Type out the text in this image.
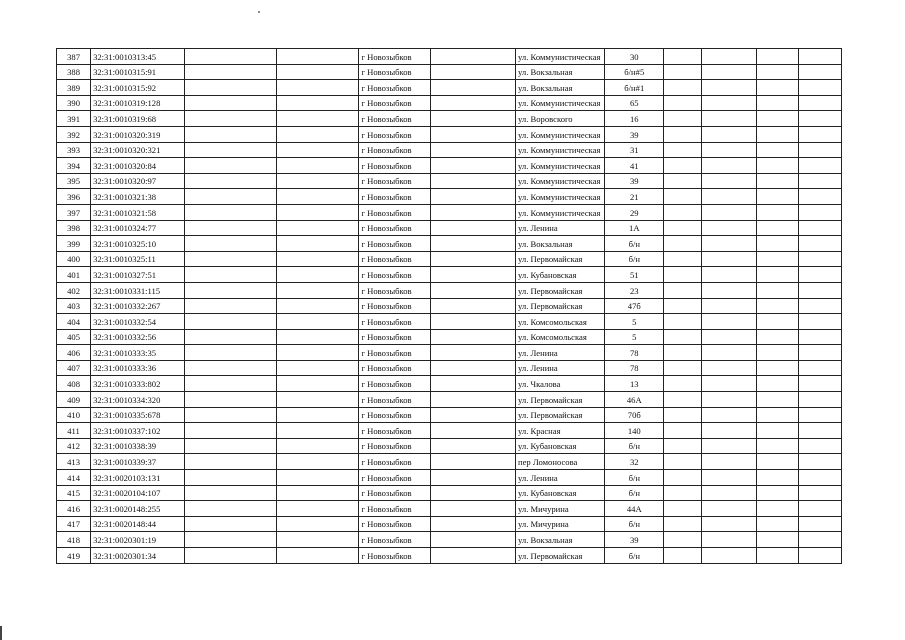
387	32:31:0010313:45			г Новозыбков		ул. Коммунистическая	30				
388	32:31:0010315:91			г Новозыбков		ул. Вокзальная	б/н#5				
389	32:31:0010315:92			г Новозыбков		ул. Вокзальная	б/н#1				
390	32:31:0010319:128			г Новозыбков		ул. Коммунистическая	65				
391	32:31:0010319:68			г Новозыбков		ул. Воровского	16				
392	32:31:0010320:319			г Новозыбков		ул. Коммунистическая	39				
393	32:31:0010320:321			г Новозыбков		ул. Коммунистическая	31				
394	32:31:0010320:84			г Новозыбков		ул. Коммунистическая	41				
395	32:31:0010320:97			г Новозыбков		ул. Коммунистическая	39				
396	32:31:0010321:38			г Новозыбков		ул. Коммунистическая	21				
397	32:31:0010321:58			г Новозыбков		ул. Коммунистическая	29				
398	32:31:0010324:77			г Новозыбков		ул. Ленина	1А				
399	32:31:0010325:10			г Новозыбков		ул. Вокзальная	б/н				
400	32:31:0010325:11			г Новозыбков		ул. Первомайская	б/н				
401	32:31:0010327:51			г Новозыбков		ул. Кубановская	51				
402	32:31:0010331:115			г Новозыбков		ул. Первомайская	23				
403	32:31:0010332:267			г Новозыбков		ул. Первомайская	47б				
404	32:31:0010332:54			г Новозыбков		ул. Комсомольская	5				
405	32:31:0010332:56			г Новозыбков		ул. Комсомольская	5				
406	32:31:0010333:35			г Новозыбков		ул. Ленина	78				
407	32:31:0010333:36			г Новозыбков		ул. Ленина	78				
408	32:31:0010333:802			г Новозыбков		ул. Чкалова	13				
409	32:31:0010334:320			г Новозыбков		ул. Первомайская	46А				
410	32:31:0010335:678			г Новозыбков		ул. Первомайская	70б				
411	32:31:0010337:102			г Новозыбков		ул. Красная	140				
412	32:31:0010338:39			г Новозыбков		ул. Кубановская	б/н				
413	32:31:0010339:37			г Новозыбков		пер Ломоносова	32				
414	32:31:0020103:131			г Новозыбков		ул. Ленина	б/н				
415	32:31:0020104:107			г Новозыбков		ул. Кубановская	б/н				
416	32:31:0020148:255			г Новозыбков		ул. Мичурина	44А				
417	32:31:0020148:44			г Новозыбков		ул. Мичурина	б/н				
418	32:31:0020301:19			г Новозыбков		ул. Вокзальная	39				
419	32:31:0020301:34			г Новозыбков		ул. Первомайская	б/н				
